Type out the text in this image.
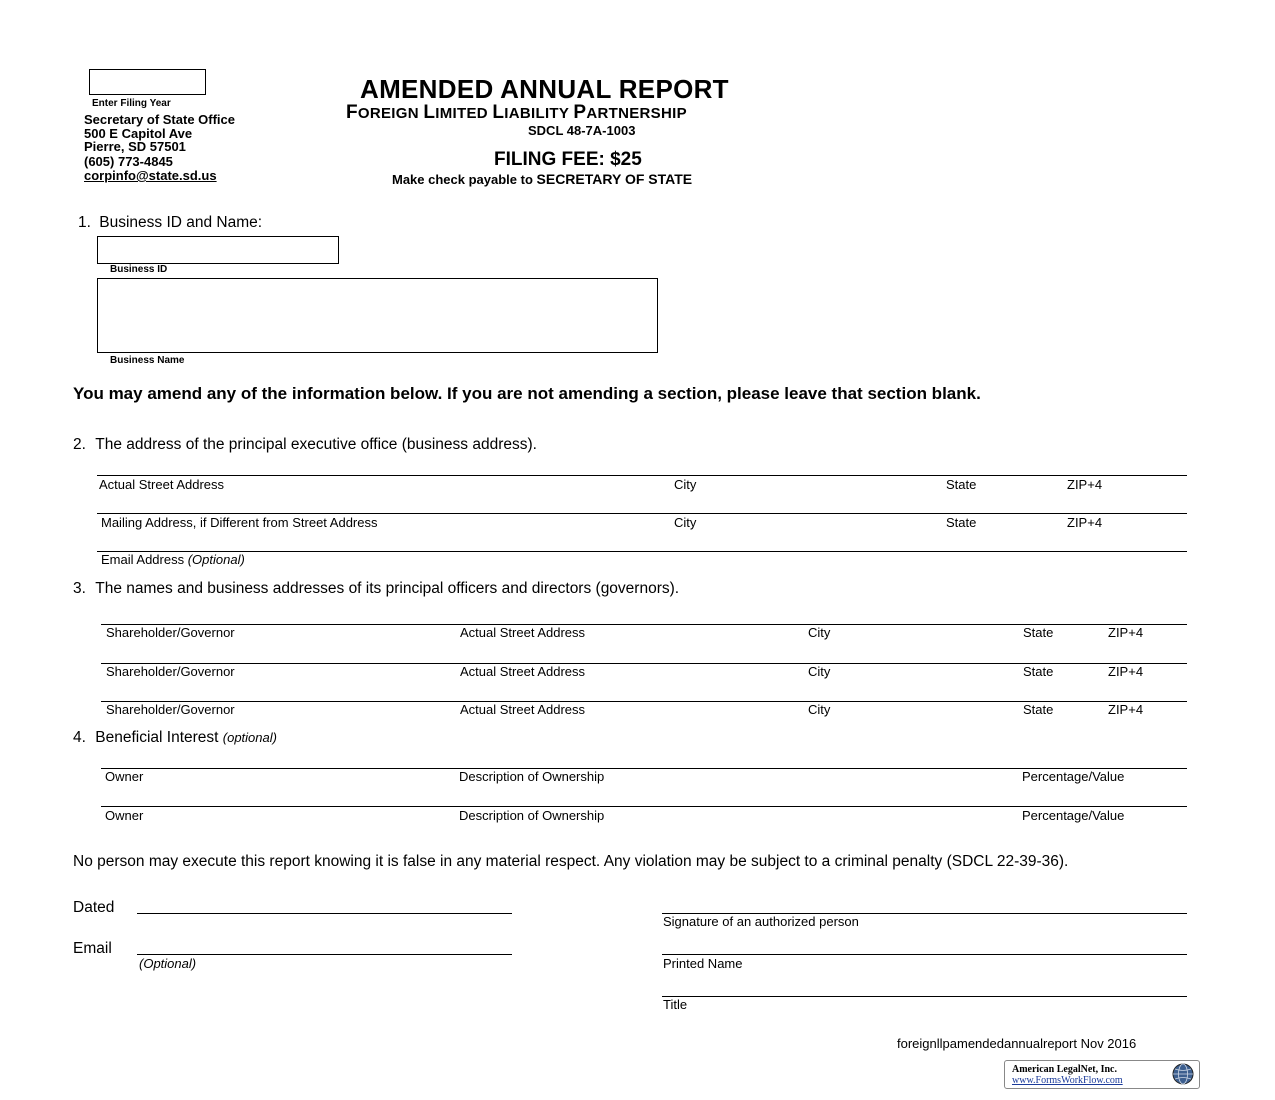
Enter Filing Year
Secretary of State Office
500 E Capitol Ave
Pierre, SD 57501
(605) 773-4845
corpinfo@state.sd.us
AMENDED ANNUAL REPORT
FOREIGN LIMITED LIABILITY PARTNERSHIP
SDCL 48-7A-1003
FILING FEE: $25
Make check payable to SECRETARY OF STATE
1. Business ID and Name:
Business ID
Business Name
You may amend any of the information below. If you are not amending a section, please leave that section blank.
2. The address of the principal executive office (business address).
Actual Street Address	City	State	ZIP+4
Mailing Address, if Different from Street Address	City	State	ZIP+4
Email Address (Optional)
3. The names and business addresses of its principal officers and directors (governors).
Shareholder/Governor	Actual Street Address	City	State	ZIP+4
Shareholder/Governor	Actual Street Address	City	State	ZIP+4
Shareholder/Governor	Actual Street Address	City	State	ZIP+4
4. Beneficial Interest (optional)
Owner	Description of Ownership	Percentage/Value
Owner	Description of Ownership	Percentage/Value
No person may execute this report knowing it is false in any material respect. Any violation may be subject to a criminal penalty (SDCL 22-39-36).
Dated
Email
(Optional)
Signature of an authorized person
Printed Name
Title
foreignllpamendedannualreport Nov 2016
American LegalNet, Inc.
www.FormsWorkFlow.com
